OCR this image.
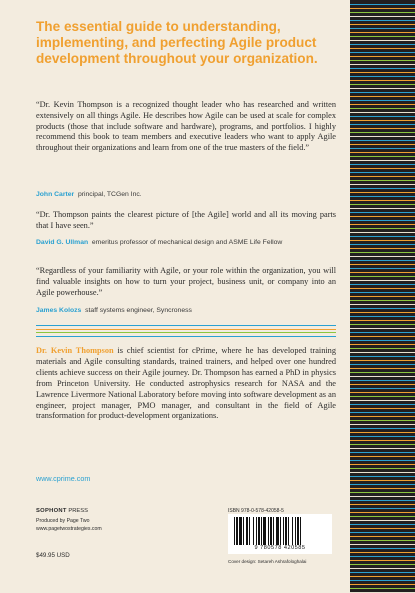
The essential guide to understanding, implementing, and perfecting Agile product development throughout your organization.

“Dr. Kevin Thompson is a recognized thought leader who has researched and written extensively on all things Agile. He describes how Agile can be used at scale for complex products (those that include software and hardware), programs, and portfolios. I highly recommend this book to team members and executive leaders who want to apply Agile throughout their organizations and learn from one of the true masters of the field.”

John Carter principal, TCGen Inc.

“Dr. Thompson paints the clearest picture of [the Agile] world and all its moving parts that I have seen.”

David G. Ullman emeritus professor of mechanical design and ASME Life Fellow

“Regardless of your familiarity with Agile, or your role within the organization, you will find valuable insights on how to turn your project, business unit, or company into an Agile powerhouse.”

James Kolozs staff systems engineer, Syncroness

Dr. Kevin Thompson is chief scientist for cPrime, where he has developed training materials and Agile consulting standards, trained trainers, and helped over one hundred clients achieve success on their Agile journey. Dr. Thompson has earned a PhD in physics from Princeton University. He conducted astrophysics research for NASA and the Lawrence Livermore National Laboratory before moving into software development as an engineer, project manager, PMO manager, and consultant in the field of Agile transformation for product-development organizations.

www.cprime.com

SOPHONT PRESS

Produced by Page Two
www.pagetwostrategies.com

$49.95 USD

ISBN 978-0-578-42058-5

9 780578 420585

Cover design: Setareh Ashrafologhalai
